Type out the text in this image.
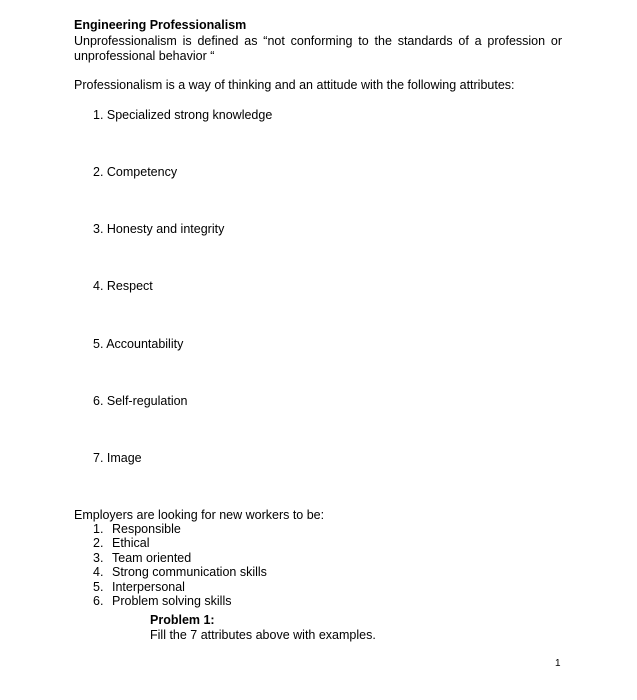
Engineering Professionalism
Unprofessionalism is defined as “not conforming to the standards of a profession or unprofessional behavior “
Professionalism is a way of thinking and an attitude with the following attributes:
1. Specialized strong knowledge
2. Competency
3. Honesty and integrity
4. Respect
5. Accountability
6. Self-regulation
7. Image
Employers are looking for new workers to be:
1. Responsible
2. Ethical
3. Team oriented
4. Strong communication skills
5. Interpersonal
6. Problem solving skills
Problem 1:
Fill the 7 attributes above with examples.
1
